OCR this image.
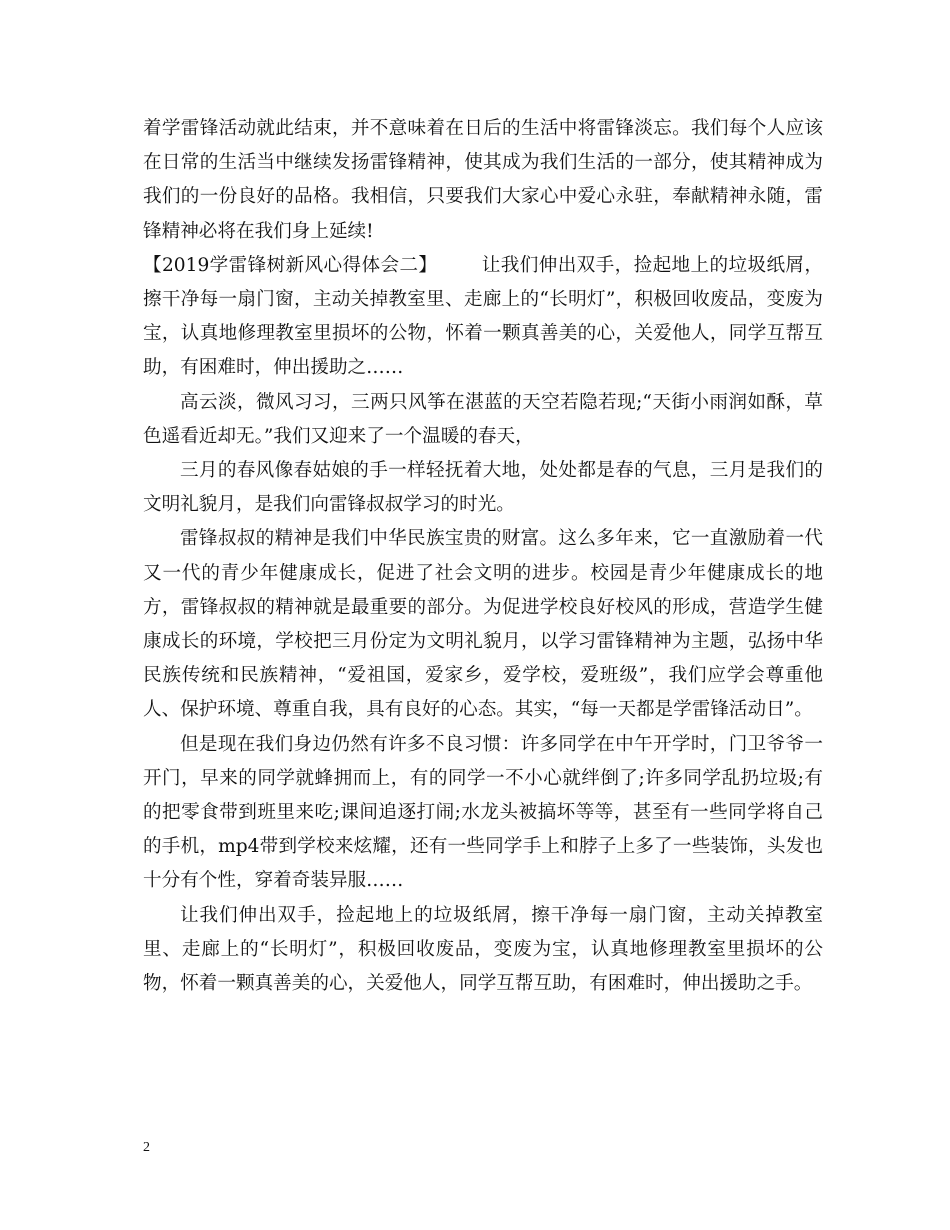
着学雷锋活动就此结束，并不意味着在日后的生活中将雷锋淡忘。我们每个人应该在日常的生活当中继续发扬雷锋精神，使其成为我们生活的一部分，使其精神成为我们的一份良好的品格。我相信，只要我们大家心中爱心永驻，奉献精神永随，雷锋精神必将在我们身上延续!

【2019学雷锋树新风心得体会二】 让我们伸出双手，捡起地上的垃圾纸屑，擦干净每一扇门窗，主动关掉教室里、走廊上的“长明灯”，积极回收废品，变废为宝，认真地修理教室里损坏的公物，怀着一颗真善美的心，关爱他人，同学互帮互助，有困难时，伸出援助之……

高云淡，微风习习，三两只风筝在湛蓝的天空若隐若现;“天街小雨润如酥，草色遥看近却无。”我们又迎来了一个温暖的春天，

三月的春风像春姑娘的手一样轻抚着大地，处处都是春的气息，三月是我们的文明礼貌月，是我们向雷锋叔叔学习的时光。

雷锋叔叔的精神是我们中华民族宝贵的财富。这么多年来，它一直激励着一代又一代的青少年健康成长，促进了社会文明的进步。校园是青少年健康成长的地方，雷锋叔叔的精神就是最重要的部分。为促进学校良好校风的形成，营造学生健康成长的环境，学校把三月份定为文明礼貌月，以学习雷锋精神为主题，弘扬中华民族传统和民族精神，“爱祖国，爱家乡，爱学校，爱班级”，我们应学会尊重他人、保护环境、尊重自我，具有良好的心态。其实，“每一天都是学雷锋活动日”。

但是现在我们身边仍然有许多不良习惯：许多同学在中午开学时，门卫爷爷一开门，早来的同学就蜂拥而上，有的同学一不小心就绊倒了;许多同学乱扔垃圾;有的把零食带到班里来吃;课间追逐打闹;水龙头被搞坏等等，甚至有一些同学将自己的手机，mp4带到学校来炫耀，还有一些同学手上和脖子上多了一些装饰，头发也十分有个性，穿着奇装异服……

让我们伸出双手，捡起地上的垃圾纸屑，擦干净每一扇门窗，主动关掉教室里、走廊上的“长明灯”，积极回收废品，变废为宝，认真地修理教室里损坏的公物，怀着一颗真善美的心，关爱他人，同学互帮互助，有困难时，伸出援助之手。

2
